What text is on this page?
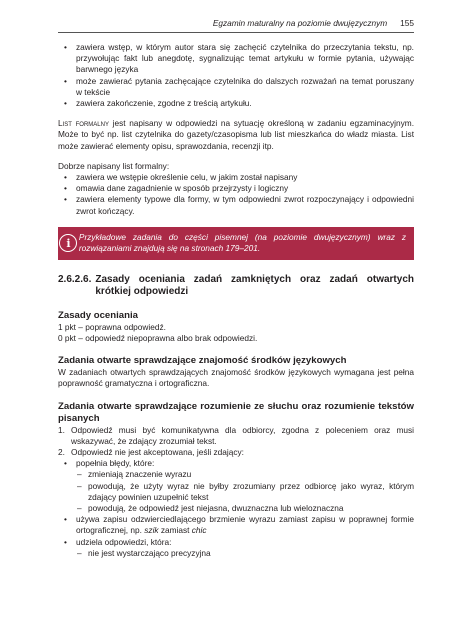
Egzamin maturalny na poziomie dwujęzycznym 155
• zawiera wstęp, w którym autor stara się zachęcić czytelnika do przeczytania tekstu, np. przywołując fakt lub anegdotę, sygnalizując temat artykułu w formie pytania, używając barwnego języka
• może zawierać pytania zachęcające czytelnika do dalszych rozważań na temat poruszany w tekście
• zawiera zakończenie, zgodne z treścią artykułu.

List formalny jest napisany w odpowiedzi na sytuację określoną w zadaniu egzaminacyjnym. Może to być np. list czytelnika do gazety/czasopisma lub list mieszkańca do władz miasta. List może zawierać elementy opisu, sprawozdania, recenzji itp.

Dobrze napisany list formalny:

• zawiera we wstępie określenie celu, w jakim został napisany
• omawia dane zagadnienie w sposób przejrzysty i logiczny
• zawiera elementy typowe dla formy, w tym odpowiedni zwrot rozpoczynający i odpowiedni zwrot kończący.
i	Przykładowe zadania do części pisemnej (na poziomie dwujęzycznym) wraz z rozwiązaniami znajdują się na stronach 179–201.

2.6.2.6. Zasady oceniania zadań zamkniętych oraz zadań otwartych krótkiej odpowiedzi
Zasady oceniania

1 pkt – poprawna odpowiedź.

0 pkt – odpowiedź niepoprawna albo brak odpowiedzi.

Zadania otwarte sprawdzające znajomość środków językowych

W zadaniach otwartych sprawdzających znajomość środków językowych wymagana jest pełna poprawność gramatyczna i ortograficzna.

Zadania otwarte sprawdzające rozumienie ze słuchu oraz rozumienie tekstów pisanych
1. Odpowiedź musi być komunikatywna dla odbiorcy, zgodna z poleceniem oraz musi wskazywać, że zdający zrozumiał tekst.
2. Odpowiedź nie jest akceptowana, jeśli zdający:
• popełnia błędy, które:
– zmieniają znaczenie wyrazu
– powodują, że użyty wyraz nie byłby zrozumiany przez odbiorcę jako wyraz, którym zdający powinien uzupełnić tekst
– powodują, że odpowiedź jest niejasna, dwuznaczna lub wieloznaczna
• używa zapisu odzwierciedlającego brzmienie wyrazu zamiast zapisu w poprawnej formie ortograficznej, np. szik zamiast chic
• udziela odpowiedzi, która:
– nie jest wystarczająco precyzyjna
